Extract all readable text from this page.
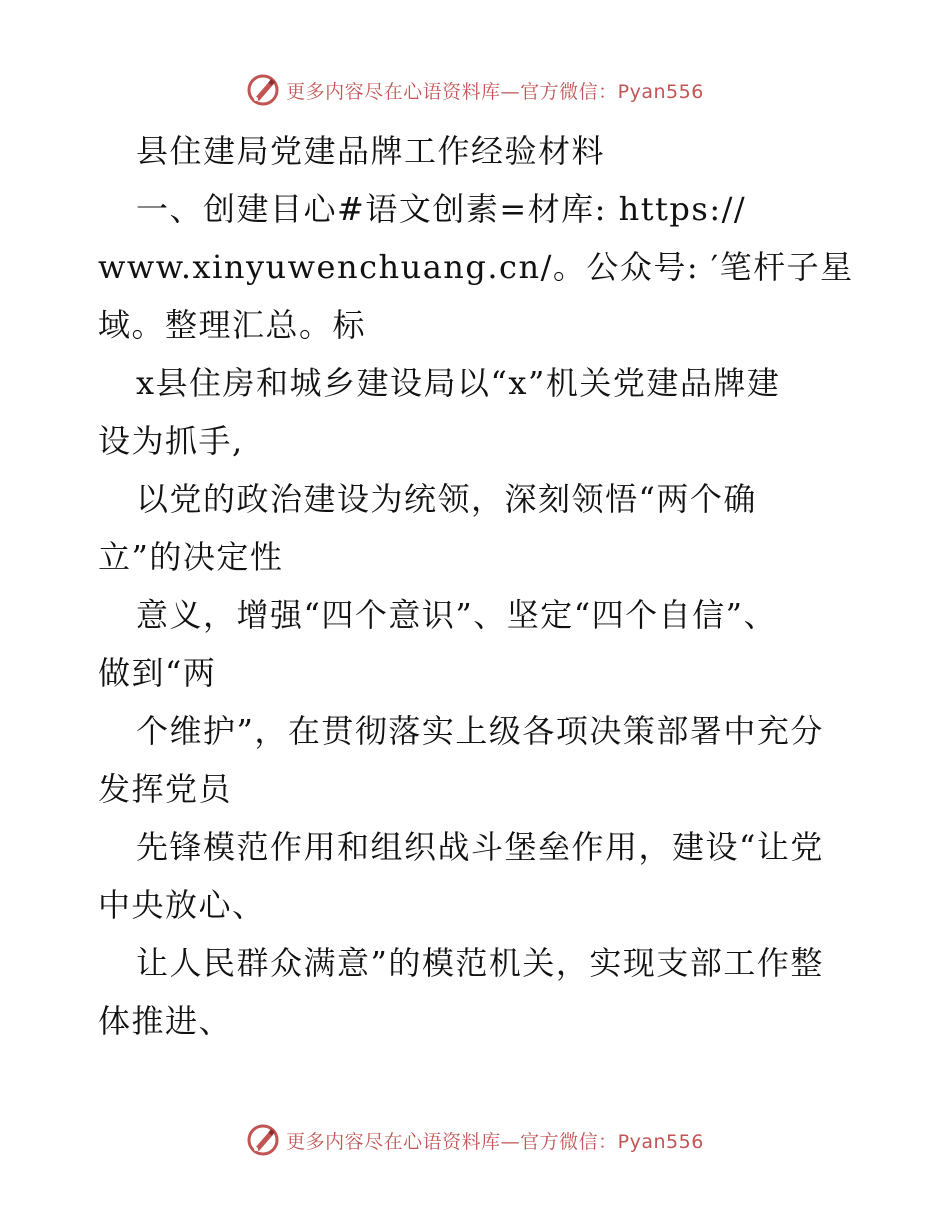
更多内容尽在心语资料库—官方微信：Pyan556
县住建局党建品牌工作经验材料
一、创建目心#语文创素=材库: https://
www.xinyuwenchuang.cn/。公众号: ′笔杆子星
域。整理汇总。标
x县住房和城乡建设局以“x”机关党建品牌建
设为抓手,
以党的政治建设为统领，深刻领悟“两个确
立”的决定性
意义，增强“四个意识”、坚定“四个自信”、
做到“两
个维护”，在贯彻落实上级各项决策部署中充分
发挥党员
先锋模范作用和组织战斗堡垒作用，建设“让党
中央放心、
让人民群众满意”的模范机关，实现支部工作整
体推进、
更多内容尽在心语资料库—官方微信：Pyan556
